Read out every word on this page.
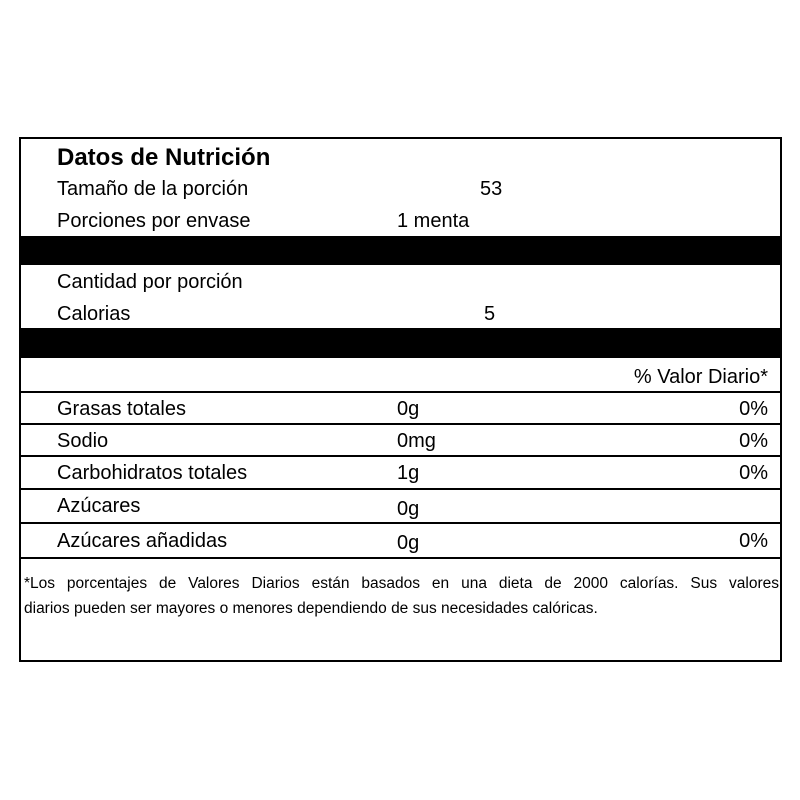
Datos de Nutrición
Tamaño de la porción	53
Porciones por envase	1 menta
Cantidad por porción
Calorias	5
% Valor Diario*
Grasas totales	0g	0%
Sodio	0mg	0%
Carbohidratos totales	1g	0%
Azúcares	0g
Azúcares añadidas	0g	0%
*Los porcentajes de Valores Diarios están basados en una dieta de 2000 calorías. Sus valores
diarios pueden ser mayores o menores dependiendo de sus necesidades calóricas.
